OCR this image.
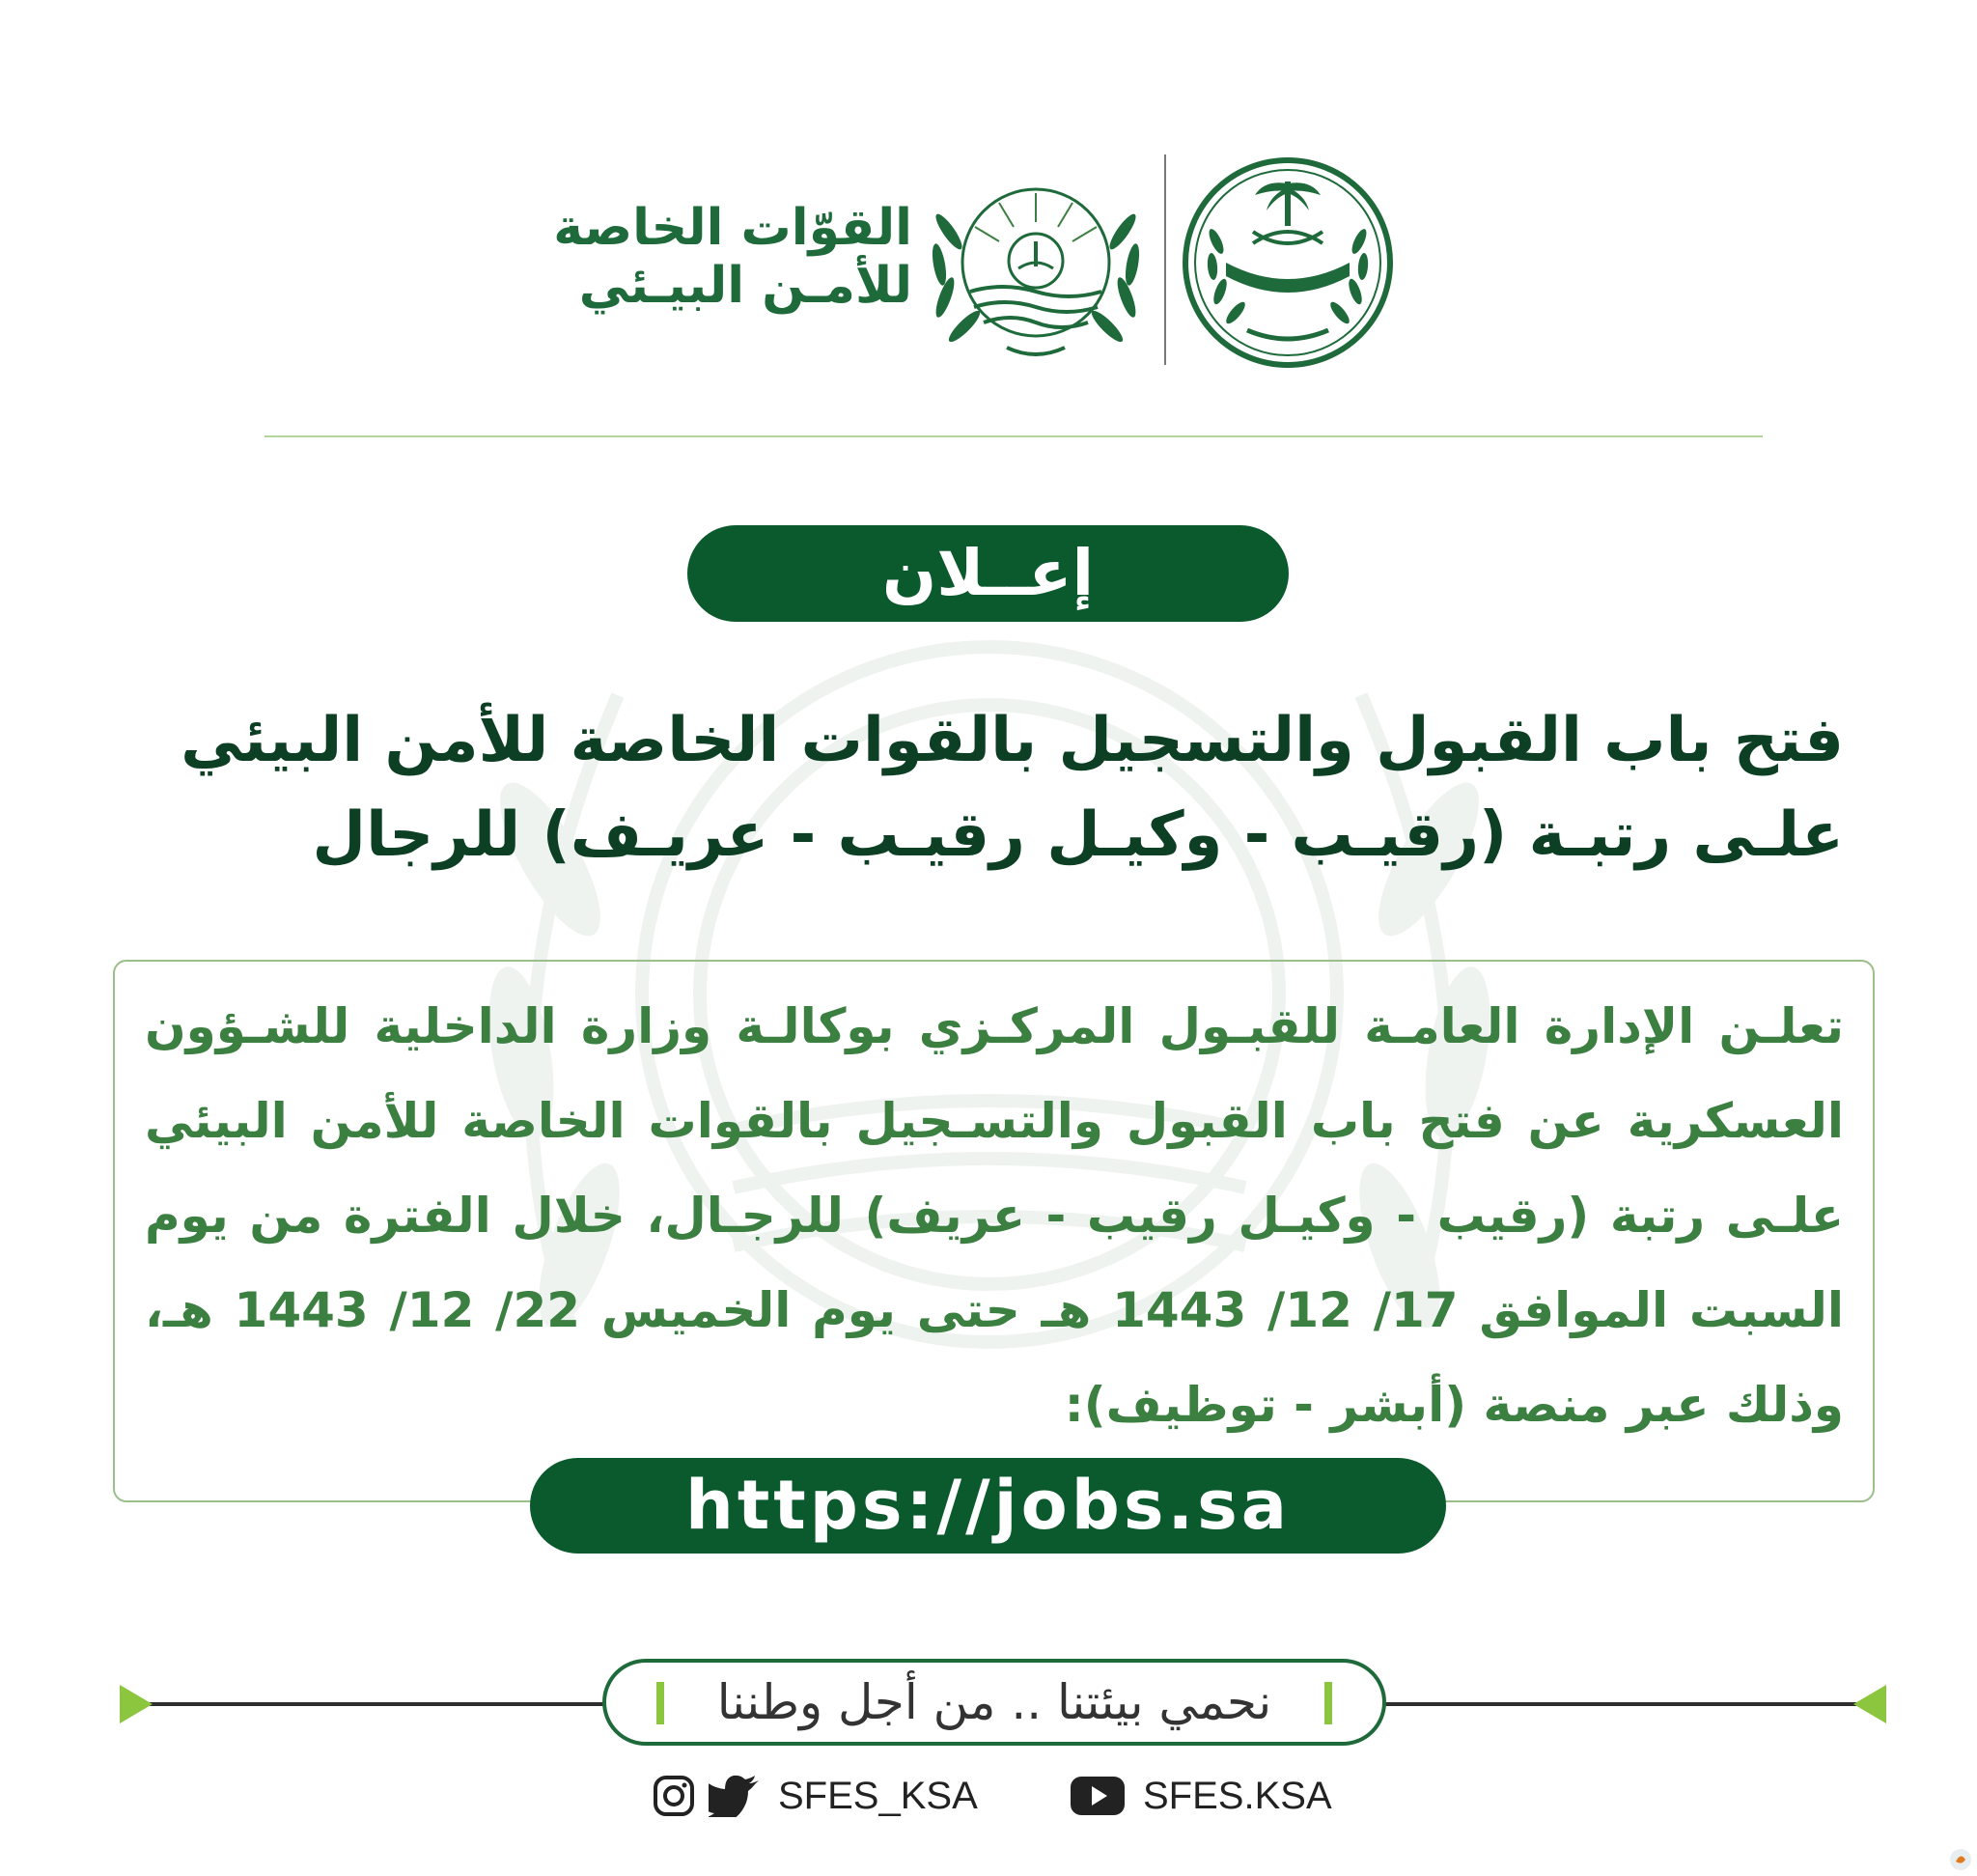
القوّات الخاصة
للأمـن البيـئي
إعــلان
فتح باب القبول والتسجيل بالقوات الخاصة للأمن البيئي
علـى رتبـة (رقيـب - وكيـل رقيـب - عريـف) للرجال
تعلـن الإدارة العامـة للقبـول المركـزي بوكالـة وزارة الداخلية للشـؤون العسكرية عن فتح باب القبول والتسـجيل بالقوات الخاصة للأمن البيئي علـى رتبة (رقيب - وكيـل رقيب - عريف) للرجـال، خلال الفترة من يوم السبت الموافق 17/ 12/ 1443 هـ حتى يوم الخميس 22/ 12/ 1443 هـ، وذلك عبر منصة (أبشر - توظيف):
https://jobs.sa
نحمي بيئتنا .. من أجل وطننا
SFES_KSA	SFES.KSA
